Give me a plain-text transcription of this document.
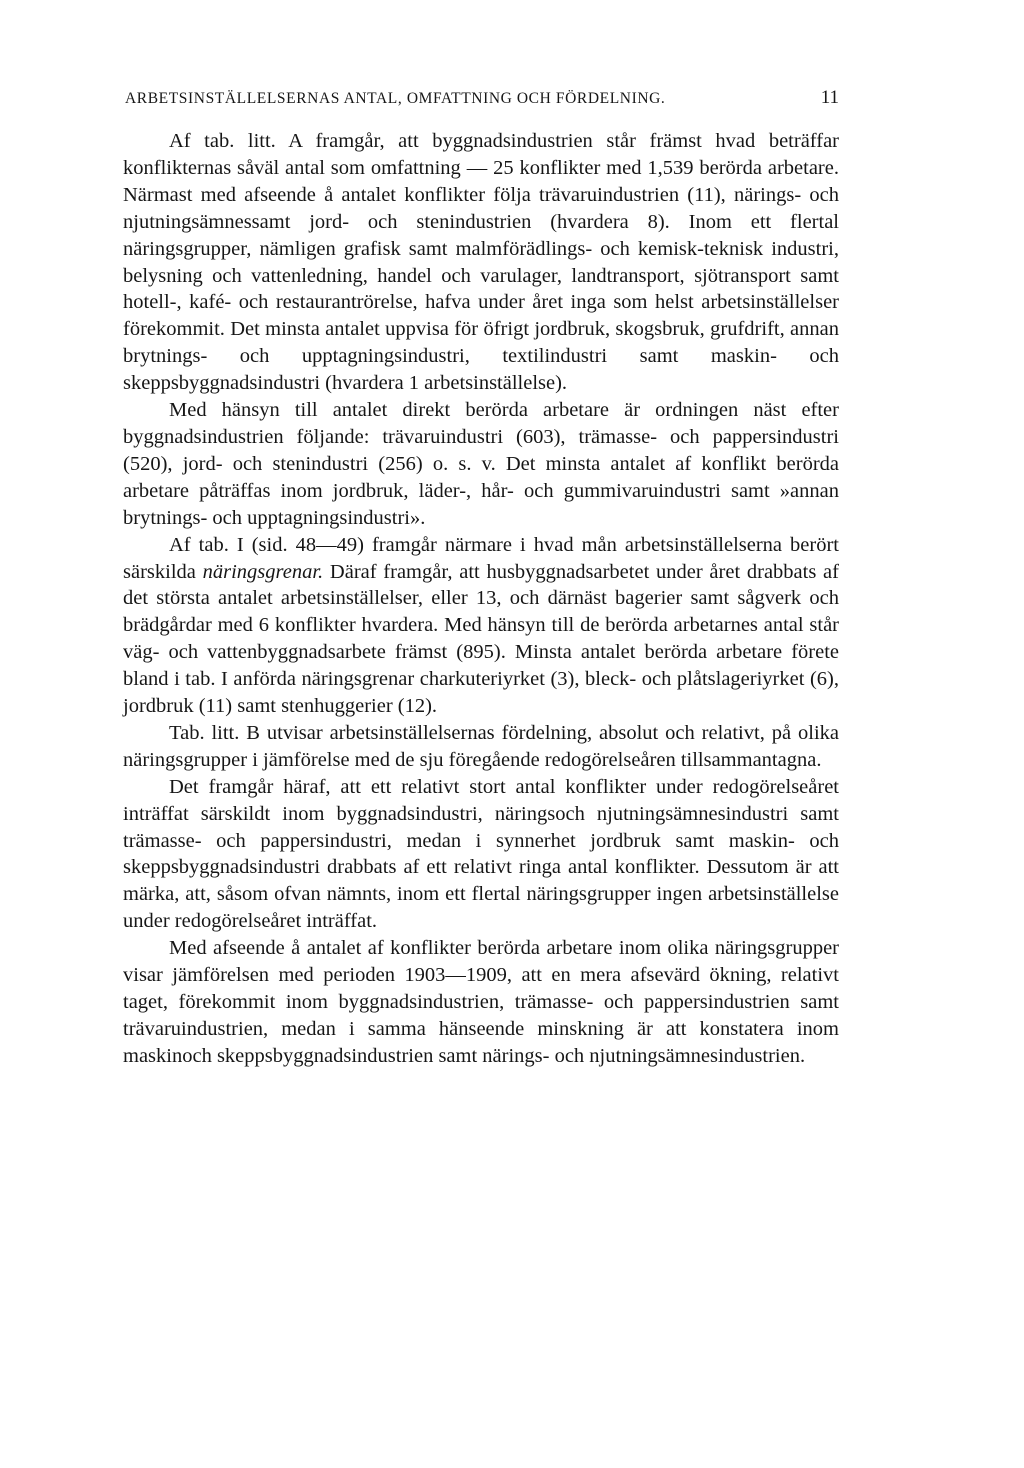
ARBETSINSTÄLLELSERNAS ANTAL, OMFATTNING OCH FÖRDELNING.	11

Af tab. litt. A framgår, att byggnadsindustrien står främst hvad beträffar konflikternas såväl antal som omfattning — 25 konflikter med 1,539 berörda arbetare. Närmast med afseende å antalet konflikter följa trävaruindustrien (11), närings- och njutningsämnessamt jord- och stenindustrien (hvardera 8). Inom ett flertal näringsgrupper, nämligen grafisk samt malmförädlings- och kemisk-teknisk industri, belysning och vattenledning, handel och varulager, landtransport, sjötransport samt hotell-, kafé- och restaurantrörelse, hafva under året inga som helst arbetsinställelser förekommit. Det minsta antalet uppvisa för öfrigt jordbruk, skogsbruk, grufdrift, annan brytnings- och upptagningsindustri, textilindustri samt maskin- och skeppsbyggnadsindustri (hvardera 1 arbetsinställelse).

Med hänsyn till antalet direkt berörda arbetare är ordningen näst efter byggnadsindustrien följande: trävaruindustri (603), trämasse- och pappersindustri (520), jord- och stenindustri (256) o. s. v. Det minsta antalet af konflikt berörda arbetare påträffas inom jordbruk, läder-, hår- och gummivaruindustri samt »annan brytnings- och upptagningsindustri».

Af tab. I (sid. 48—49) framgår närmare i hvad mån arbetsinställelserna berört särskilda näringsgrenar. Däraf framgår, att husbyggnadsarbetet under året drabbats af det största antalet arbetsinställelser, eller 13, och därnäst bagerier samt sågverk och brädgårdar med 6 konflikter hvardera. Med hänsyn till de berörda arbetarnes antal står väg- och vattenbyggnadsarbete främst (895). Minsta antalet berörda arbetare förete bland i tab. I anförda näringsgrenar charkuteriyrket (3), bleck- och plåtslageriyrket (6), jordbruk (11) samt stenhuggerier (12).

Tab. litt. B utvisar arbetsinställelsernas fördelning, absolut och relativt, på olika näringsgrupper i jämförelse med de sju föregående redogörelseåren tillsammantagna.

Det framgår häraf, att ett relativt stort antal konflikter under redogörelseåret inträffat särskildt inom byggnadsindustri, näringsoch njutningsämnesindustri samt trämasse- och pappersindustri, medan i synnerhet jordbruk samt maskin- och skeppsbyggnadsindustri drabbats af ett relativt ringa antal konflikter. Dessutom är att märka, att, såsom ofvan nämnts, inom ett flertal näringsgrupper ingen arbetsinställelse under redogörelseåret inträffat.

Med afseende å antalet af konflikter berörda arbetare inom olika näringsgrupper visar jämförelsen med perioden 1903—1909, att en mera afsevärd ökning, relativt taget, förekommit inom byggnadsindustrien, trämasse- och pappersindustrien samt trävaruindustrien, medan i samma hänseende minskning är att konstatera inom maskinoch skeppsbyggnadsindustrien samt närings- och njutningsämnesindustrien.
